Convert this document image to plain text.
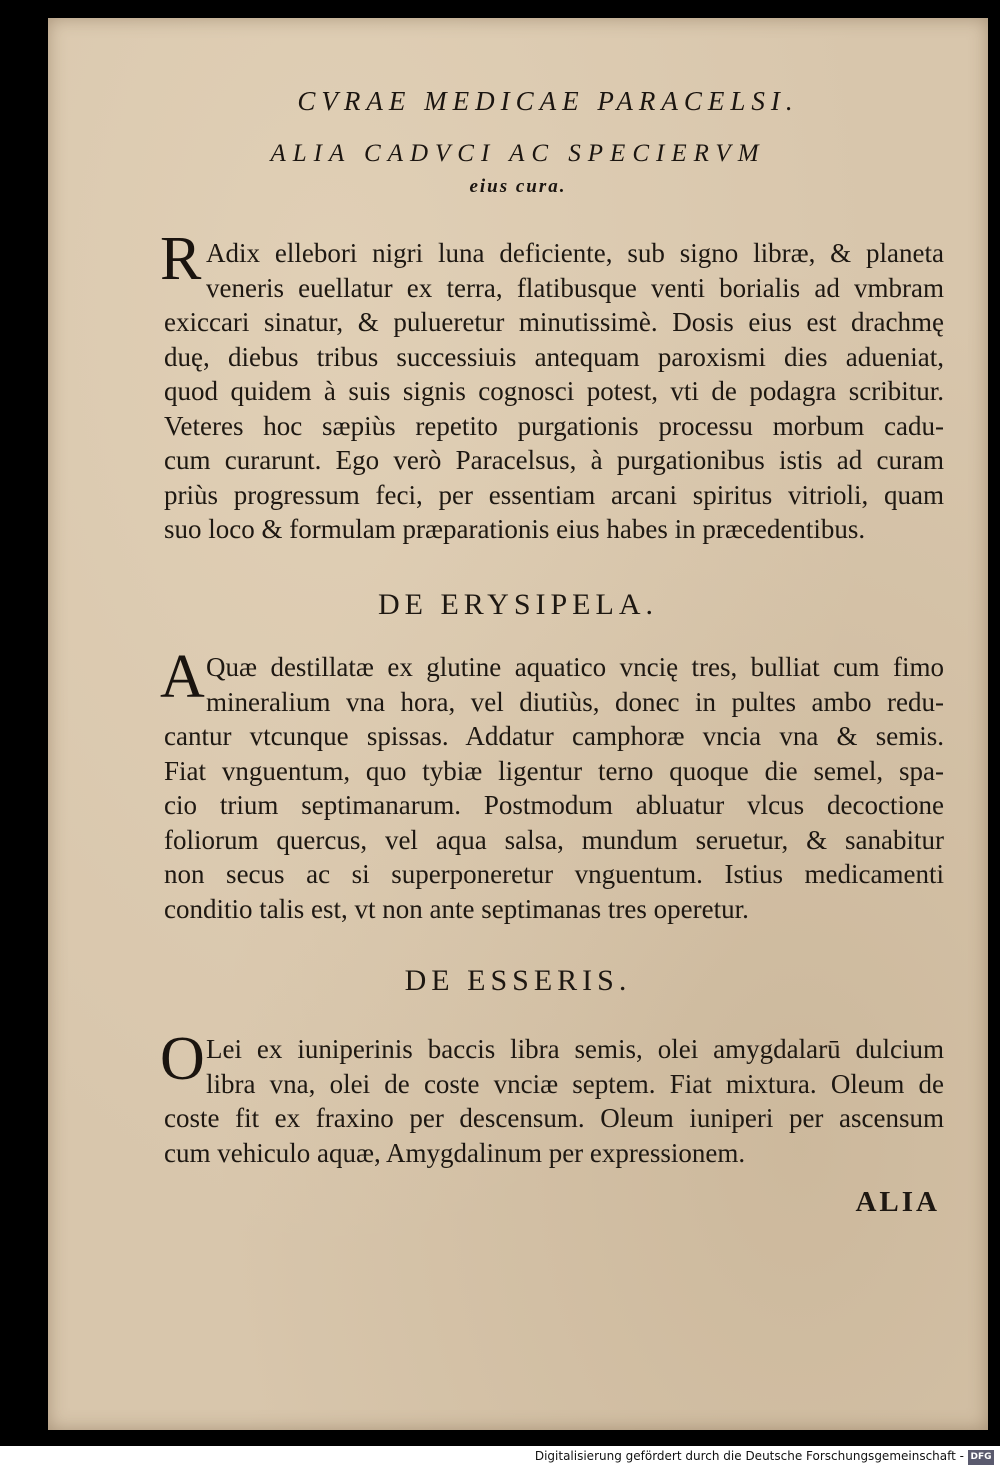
CVRAE MEDICAE PARACELSI.
ALIA CADVCI AC SPECIERVM
eius cura.
R Adix ellebori nigri luna deficiente, sub signo libræ, & planeta
veneris euellatur ex terra, flatibusque venti borialis ad vmbram
exiccari sinatur, & pulueretur minutissimè. Dosis eius est drachmę
duę, diebus tribus successiuis antequam paroxismi dies adueniat,
quod quidem à suis signis cognosci potest, vti de podagra scribitur.
Veteres hoc sæpiùs repetito purgationis processu morbum cadu-
cum curarunt. Ego verò Paracelsus, à purgationibus istis ad curam
priùs progressum feci, per essentiam arcani spiritus vitrioli, quam
suo loco & formulam præparationis eius habes in præcedentibus.
DE ERYSIPELA.
A Quæ destillatæ ex glutine aquatico vncię tres, bulliat cum fimo
mineralium vna hora, vel diutiùs, donec in pultes ambo redu-
cantur vtcunque spissas. Addatur camphoræ vncia vna & semis.
Fiat vnguentum, quo tybiæ ligentur terno quoque die semel, spa-
cio trium septimanarum. Postmodum abluatur vlcus decoctione
foliorum quercus, vel aqua salsa, mundum seruetur, & sanabitur
non secus ac si superponeretur vnguentum. Istius medicamenti
conditio talis est, vt non ante septimanas tres operetur.
DE ESSERIS.
O Lei ex iuniperinis baccis libra semis, olei amygdalarū dulcium
libra vna, olei de coste vnciæ septem. Fiat mixtura. Oleum de
coste fit ex fraxino per descensum. Oleum iuniperi per ascensum
cum vehiculo aquæ, Amygdalinum per expressionem.
ALIA
Digitalisierung gefördert durch die Deutsche Forschungsgemeinschaft - DFG
